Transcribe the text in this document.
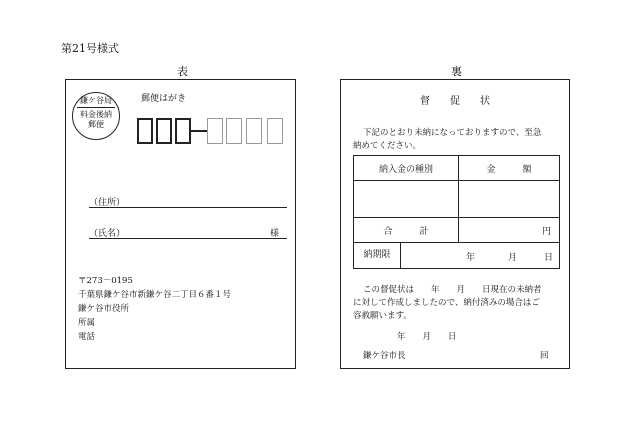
第21号様式
表	裏
郵便はがき
鎌ケ谷局
料金後納
郵便
（住所）
（氏名）	様
〒273－0195
千葉県鎌ケ谷市新鎌ケ谷二丁目６番１号
鎌ケ谷市役所
所属
電話
督　　促　　状
下記のとおり未納になっておりますので、至急
納めてください。
納入金の種別	金　　　額

合　　　計	円

納期限 年 月 日	
この督促状は　　年　　月　　日現在の未納者
に対して作成しましたので、納付済みの場合はご
容赦願います。
年　　月　　日
鎌ケ谷市長	回
